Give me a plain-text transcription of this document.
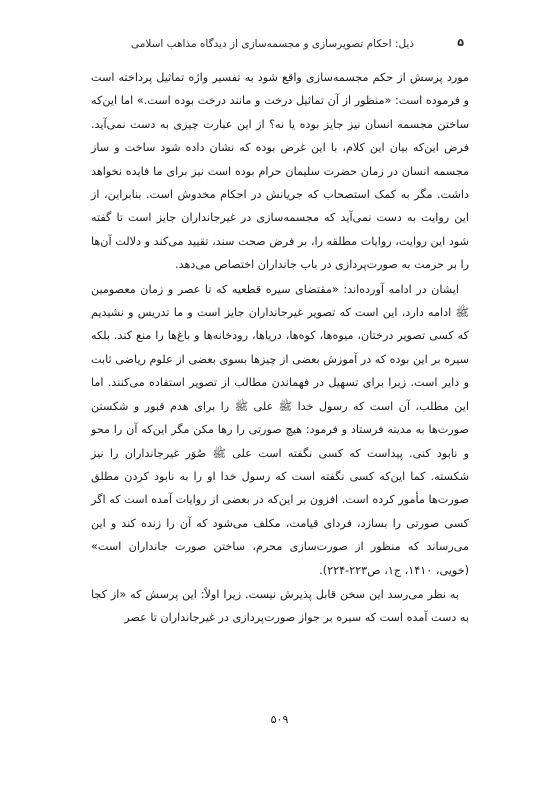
ذیل: احکام تصویرسازی و مجسمه‌سازی از دیدگاه مذاهب اسلامی	۵

مورد پرسش از حکم مجسمه‌سازی واقع شود به تفسیر واژه تماثیل پرداخته است و فرموده است: «منظور از آن تماثیل درخت و مانند درخت بوده است.» اما این‌که ساختن مجسمه انسان نیز جایز بوده یا نه؟ از این عبارت چیزی به دست نمی‌آید. فرض این‌که بیان این کلام، با این غرض بوده که نشان داده شود ساخت و ساز مجسمه انسان در زمان حضرت سلیمان حرام بوده است نیز برای ما فایده نخواهد داشت. مگر به کمک استصحاب که جریانش در احکام مخدوش است. بنابراین، از این روایت به دست نمی‌آید که مجسمه‌سازی در غیرجانداران جایز است تا گفته شود این روایت، روایات مطلقه را، بر فرض صحت سند، تقیید می‌کند و دلالت آن‌ها را بر حرمت به صورت‌پردازی در باب جانداران اختصاص می‌دهد.

ایشان در ادامه آورده‌اند: «مقتضای سیره قطعیه که تا عصر و زمان معصومین ﷺ ادامه دارد، این است که تصویر غیرجانداران جایز است و ما تدریس و نشیدیم که کسی تصویر درختان، میوه‌ها، کوه‌ها، دریاها، رودخانه‌ها و باغ‌ها را منع کند. بلکه سیره بر این بوده که در آموزش بعضی از چیزها بسوی بعضی از علوم ریاضی ثابت و دایر است. زیرا برای تسهیل در فهماندن مطالب از تصویر استفاده می‌کنند. اما این مطلب، آن است که رسول خدا ﷺ علی ﷺ را برای هدم قبور و شکستن صورت‌ها به مدینه فرستاد و فرمود: هیچ صورتی را رها مکن مگر این‌که آن را محو و نابود کنی. پیداست که کسی نگفته است علی ﷺ صُوَر غیرجانداران را نیز شکسته. کما این‌که کسی نگفته است که رسول خدا او را به نابود کردن مطلق صورت‌ها مأمور کرده است. افزون بر این‌که در بعضی از روایات آمده است که اگر کسی صورتی را بسازد، فردای قیامت، مکلف می‌شود که آن را زنده کند و این می‌رساند که منظور از صورت‌سازی محرم، ساختن صورت جانداران است» (خویی، ۱۴۱۰، ج۱، ص۲۲۳-۲۲۴).

به نظر می‌رسد این سخن قابل پذیرش نیست. زیرا اولاً: این پرسش که «از کجا به دست آمده است که سیره بر جواز صورت‌پردازی در غیرجانداران تا عصر

۵۰۹
